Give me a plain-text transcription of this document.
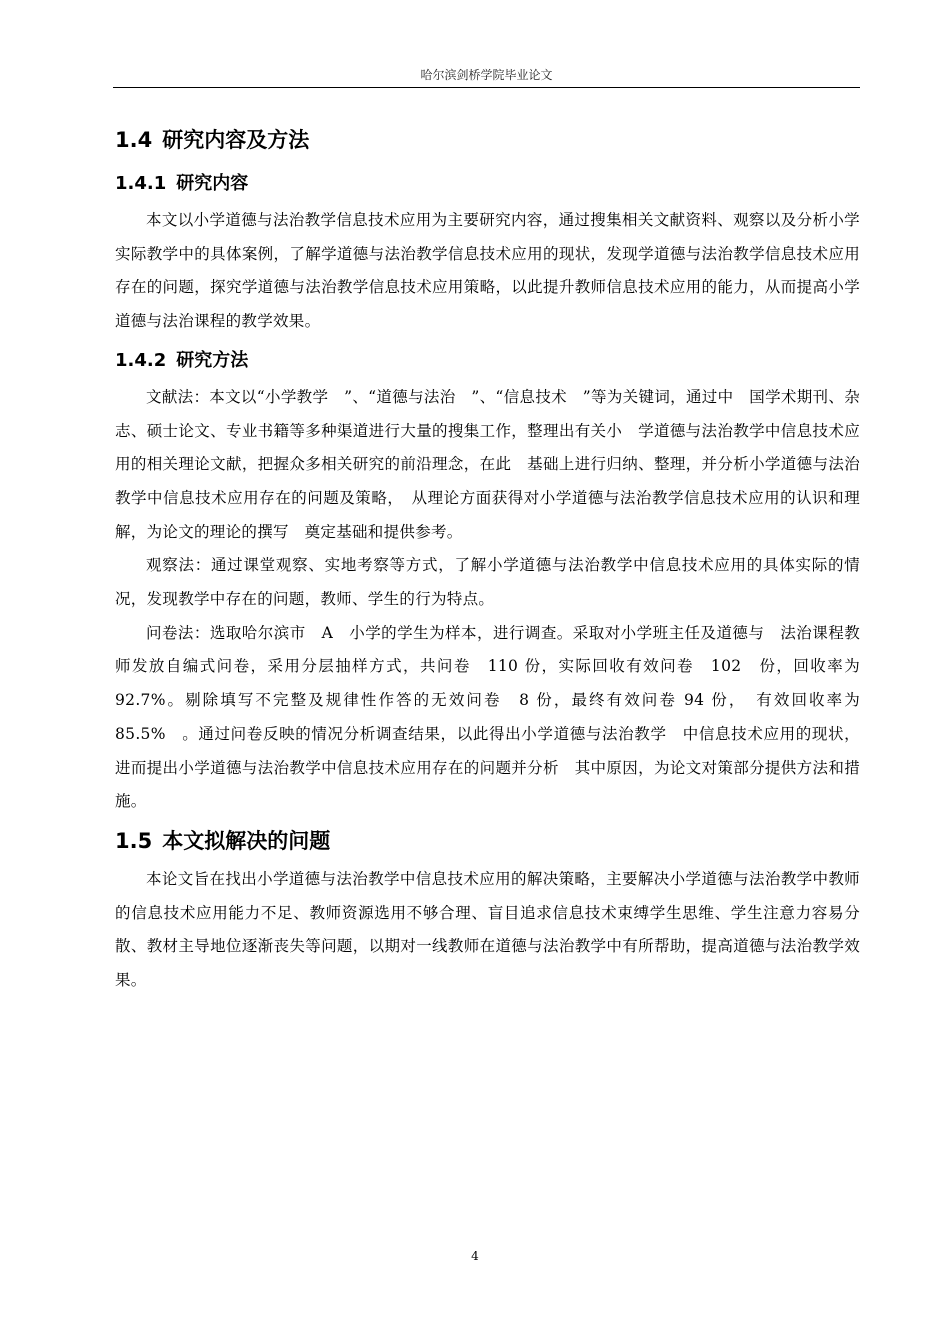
哈尔滨剑桥学院毕业论文
1.4 研究内容及方法
1.4.1 研究内容

本文以小学道德与法治教学信息技术应用为主要研究内容，通过搜集相关文献资料、观察以及分析小学实际教学中的具体案例，了解学道德与法治教学信息技术应用的现状，发现学道德与法治教学信息技术应用存在的问题，探究学道德与法治教学信息技术应用策略，以此提升教师信息技术应用的能力，从而提高小学道德与法治课程的教学效果。

1.4.2 研究方法

文献法：本文以“小学教学　”、“道德与法治　”、“信息技术　”等为关键词，通过中　国学术期刊、杂志、硕士论文、专业书籍等多种渠道进行大量的搜集工作，整理出有关小　学道德与法治教学中信息技术应用的相关理论文献，把握众多相关研究的前沿理念，在此　基础上进行归纳、整理，并分析小学道德与法治教学中信息技术应用存在的问题及策略，　从理论方面获得对小学道德与法治教学信息技术应用的认识和理解，为论文的理论的撰写　奠定基础和提供参考。

观察法：通过课堂观察、实地考察等方式，了解小学道德与法治教学中信息技术应用的具体实际的情况，发现教学中存在的问题，教师、学生的行为特点。

问卷法：选取哈尔滨市　A　小学的学生为样本，进行调查。采取对小学班主任及道德与　法治课程教师发放自编式问卷，采用分层抽样方式，共问卷　110 份，实际回收有效问卷　102　份，回收率为　92.7%。剔除填写不完整及规律性作答的无效问卷　8 份，最终有效问卷 94 份，　有效回收率为　85.5%　。通过问卷反映的情况分析调查结果，以此得出小学道德与法治教学　中信息技术应用的现状，进而提出小学道德与法治教学中信息技术应用存在的问题并分析　其中原因，为论文对策部分提供方法和措施。

1.5 本文拟解决的问题

本论文旨在找出小学道德与法治教学中信息技术应用的解决策略，主要解决小学道德与法治教学中教师的信息技术应用能力不足、教师资源选用不够合理、盲目追求信息技术束缚学生思维、学生注意力容易分散、教材主导地位逐渐丧失等问题，以期对一线教师在道德与法治教学中有所帮助，提高道德与法治教学效果。

4
